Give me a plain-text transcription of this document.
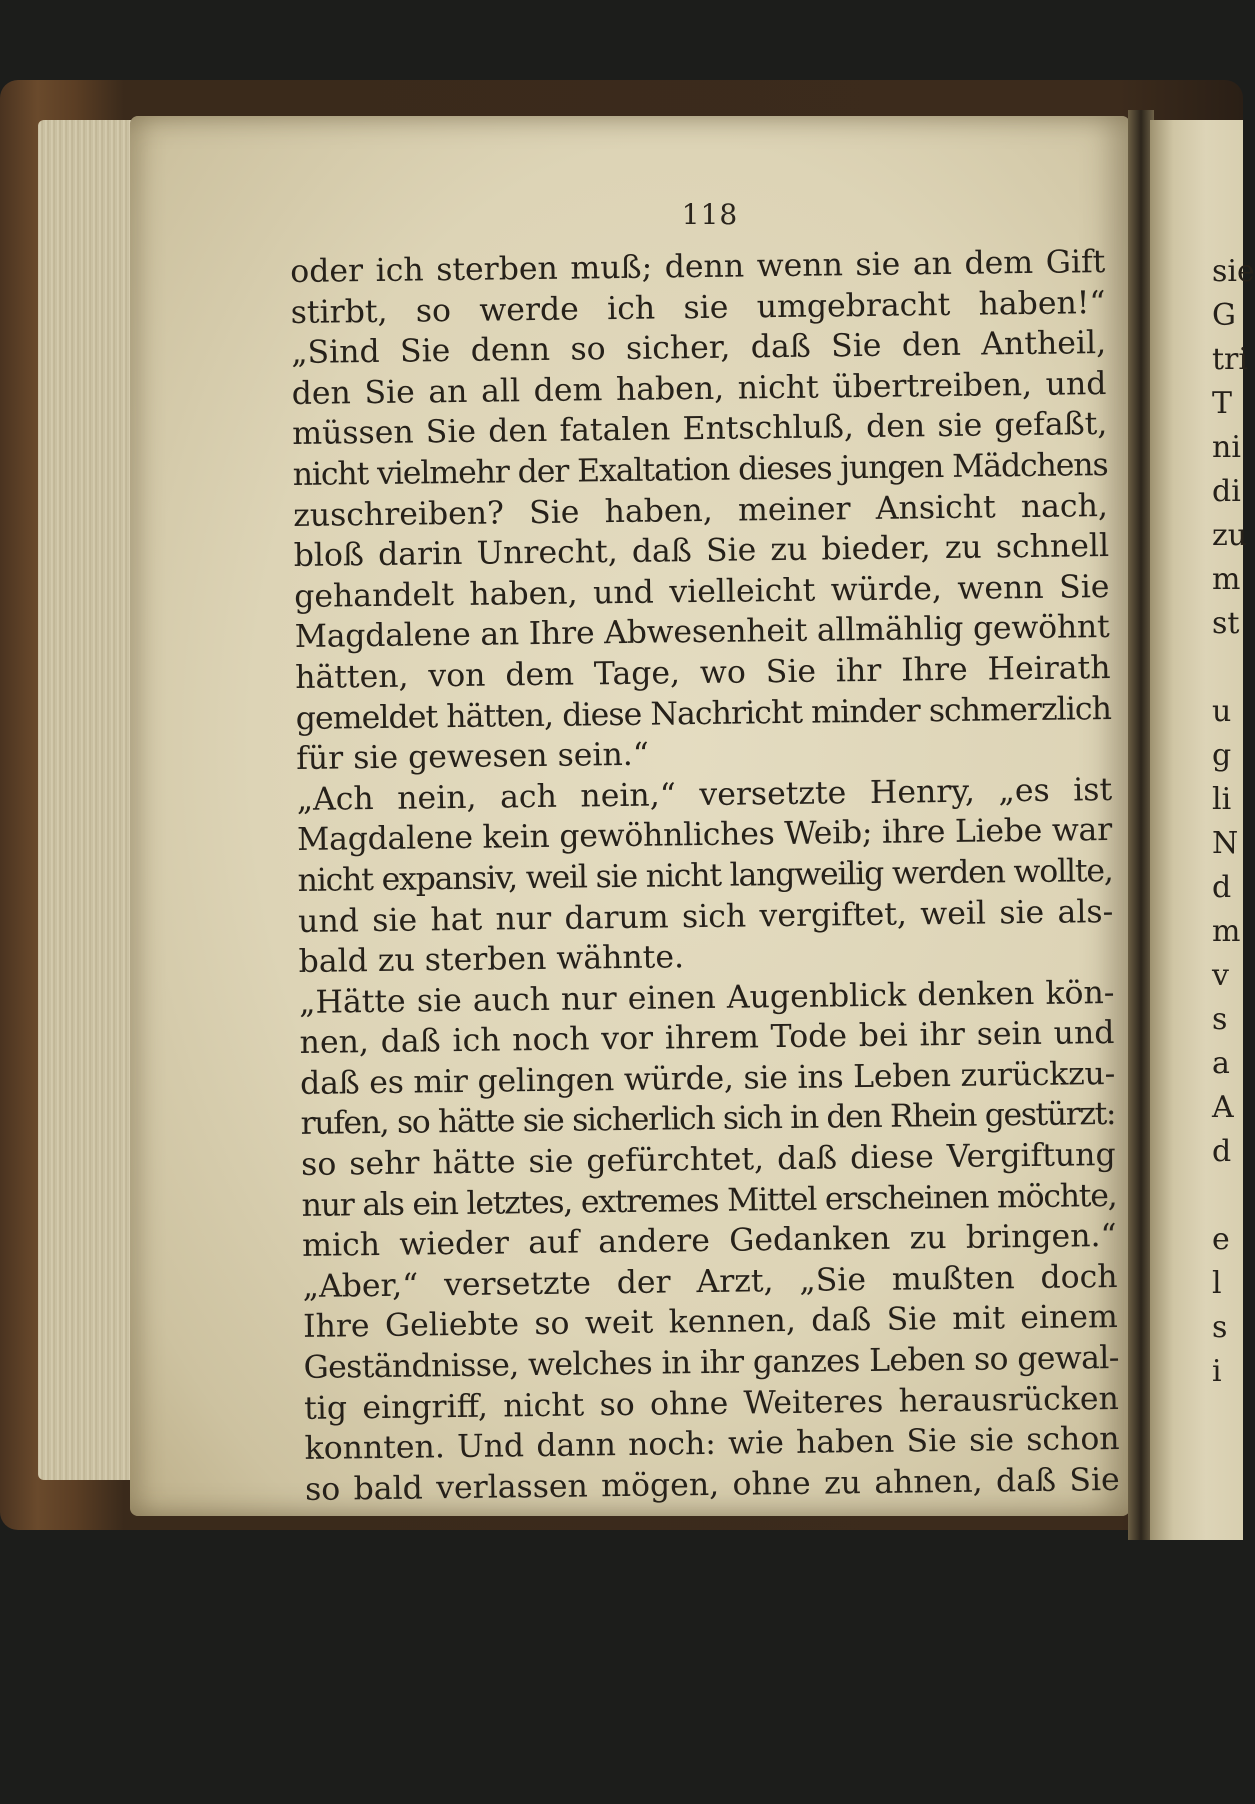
118
oder ich sterben muß; denn wenn sie an dem Gift
stirbt, so werde ich sie umgebracht haben!“
„Sind Sie denn so sicher, daß Sie den Antheil,
den Sie an all dem haben, nicht übertreiben, und
müssen Sie den fatalen Entschluß, den sie gefaßt,
nicht vielmehr der Exaltation dieses jungen Mädchens
zuschreiben? Sie haben, meiner Ansicht nach,
bloß darin Unrecht, daß Sie zu bieder, zu schnell
gehandelt haben, und vielleicht würde, wenn Sie
Magdalene an Ihre Abwesenheit allmählig gewöhnt
hätten, von dem Tage, wo Sie ihr Ihre Heirath
gemeldet hätten, diese Nachricht minder schmerzlich
für sie gewesen sein.“
„Ach nein, ach nein,“ versetzte Henry, „es ist
Magdalene kein gewöhnliches Weib; ihre Liebe war
nicht expansiv, weil sie nicht langweilig werden wollte,
und sie hat nur darum sich vergiftet, weil sie als-
bald zu sterben wähnte.
„Hätte sie auch nur einen Augenblick denken kön-
nen, daß ich noch vor ihrem Tode bei ihr sein und
daß es mir gelingen würde, sie ins Leben zurückzu-
rufen, so hätte sie sicherlich sich in den Rhein gestürzt:
so sehr hätte sie gefürchtet, daß diese Vergiftung
nur als ein letztes, extremes Mittel erscheinen möchte,
mich wieder auf andere Gedanken zu bringen.“
„Aber,“ versetzte der Arzt, „Sie mußten doch
Ihre Geliebte so weit kennen, daß Sie mit einem
Geständnisse, welches in ihr ganzes Leben so gewal-
tig eingriff, nicht so ohne Weiteres herausrücken
konnten. Und dann noch: wie haben Sie sie schon
so bald verlassen mögen, ohne zu ahnen, daß Sie
sie
G
tri
T
ni
di
zu
m
st
u
g
li
N
d
m
v
s
a
A
d
e
l
s
i
